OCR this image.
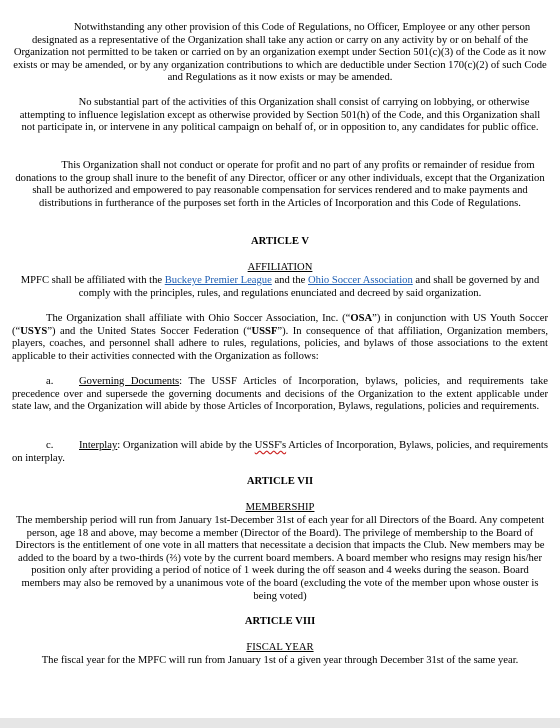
Notwithstanding any other provision of this Code of Regulations, no Officer, Employee or any other person designated as a representative of the Organization shall take any action or carry on any activity by or on behalf of the Organization not permitted to be taken or carried on by an organization exempt under Section 501(c)(3) of the Code as it now exists or may be amended, or by any organization contributions to which are deductible under Section 170(c)(2) of such Code and Regulations as it now exists or may be amended.

No substantial part of the activities of this Organization shall consist of carrying on lobbying, or otherwise attempting to influence legislation except as otherwise provided by Section 501(h) of the Code, and this Organization shall not participate in, or intervene in any political campaign on behalf of, or in opposition to, any candidates for public office.

This Organization shall not conduct or operate for profit and no part of any profits or remainder of residue from donations to the group shall inure to the benefit of any Director, officer or any other individuals, except that the Organization shall be authorized and empowered to pay reasonable compensation for services rendered and to make payments and distributions in furtherance of the purposes set forth in the Articles of Incorporation and this Code of Regulations.

ARTICLE V
AFFILIATION

MPFC shall be affiliated with the Buckeye Premier League and the Ohio Soccer Association and shall be governed by and comply with the principles, rules, and regulations enunciated and decreed by said organization.

The Organization shall affiliate with Ohio Soccer Association, Inc. (“OSA”) in conjunction with US Youth Soccer (“USYS”) and the United States Soccer Federation (“USSF”). In consequence of that affiliation, Organization members, players, coaches, and personnel shall adhere to rules, regulations, policies, and bylaws of those associations to the extent applicable to their activities connected with the Organization as follows:

a. Governing Documents: The USSF Articles of Incorporation, bylaws, policies, and requirements take precedence over and supersede the governing documents and decisions of the Organization to the extent applicable under state law, and the Organization will abide by those Articles of Incorporation, Bylaws, regulations, policies and requirements.

c. Interplay: Organization will abide by the USSF's Articles of Incorporation, Bylaws, policies, and requirements on interplay.

ARTICLE VII
MEMBERSHIP

The membership period will run from January 1st-December 31st of each year for all Directors of the Board. Any competent person, age 18 and above, may become a member (Director of the Board). The privilege of membership to the Board of Directors is the entitlement of one vote in all matters that necessitate a decision that impacts the Club. New members may be added to the board by a two-thirds (⅔) vote by the current board members. A board member who resigns may resign his/her position only after providing a period of notice of 1 week during the off season and 4 weeks during the season. Board members may also be removed by a unanimous vote of the board (excluding the vote of the member upon whose ouster is being voted)

ARTICLE VIII
FISCAL YEAR

The fiscal year for the MPFC will run from January 1st of a given year through December 31st of the same year.
